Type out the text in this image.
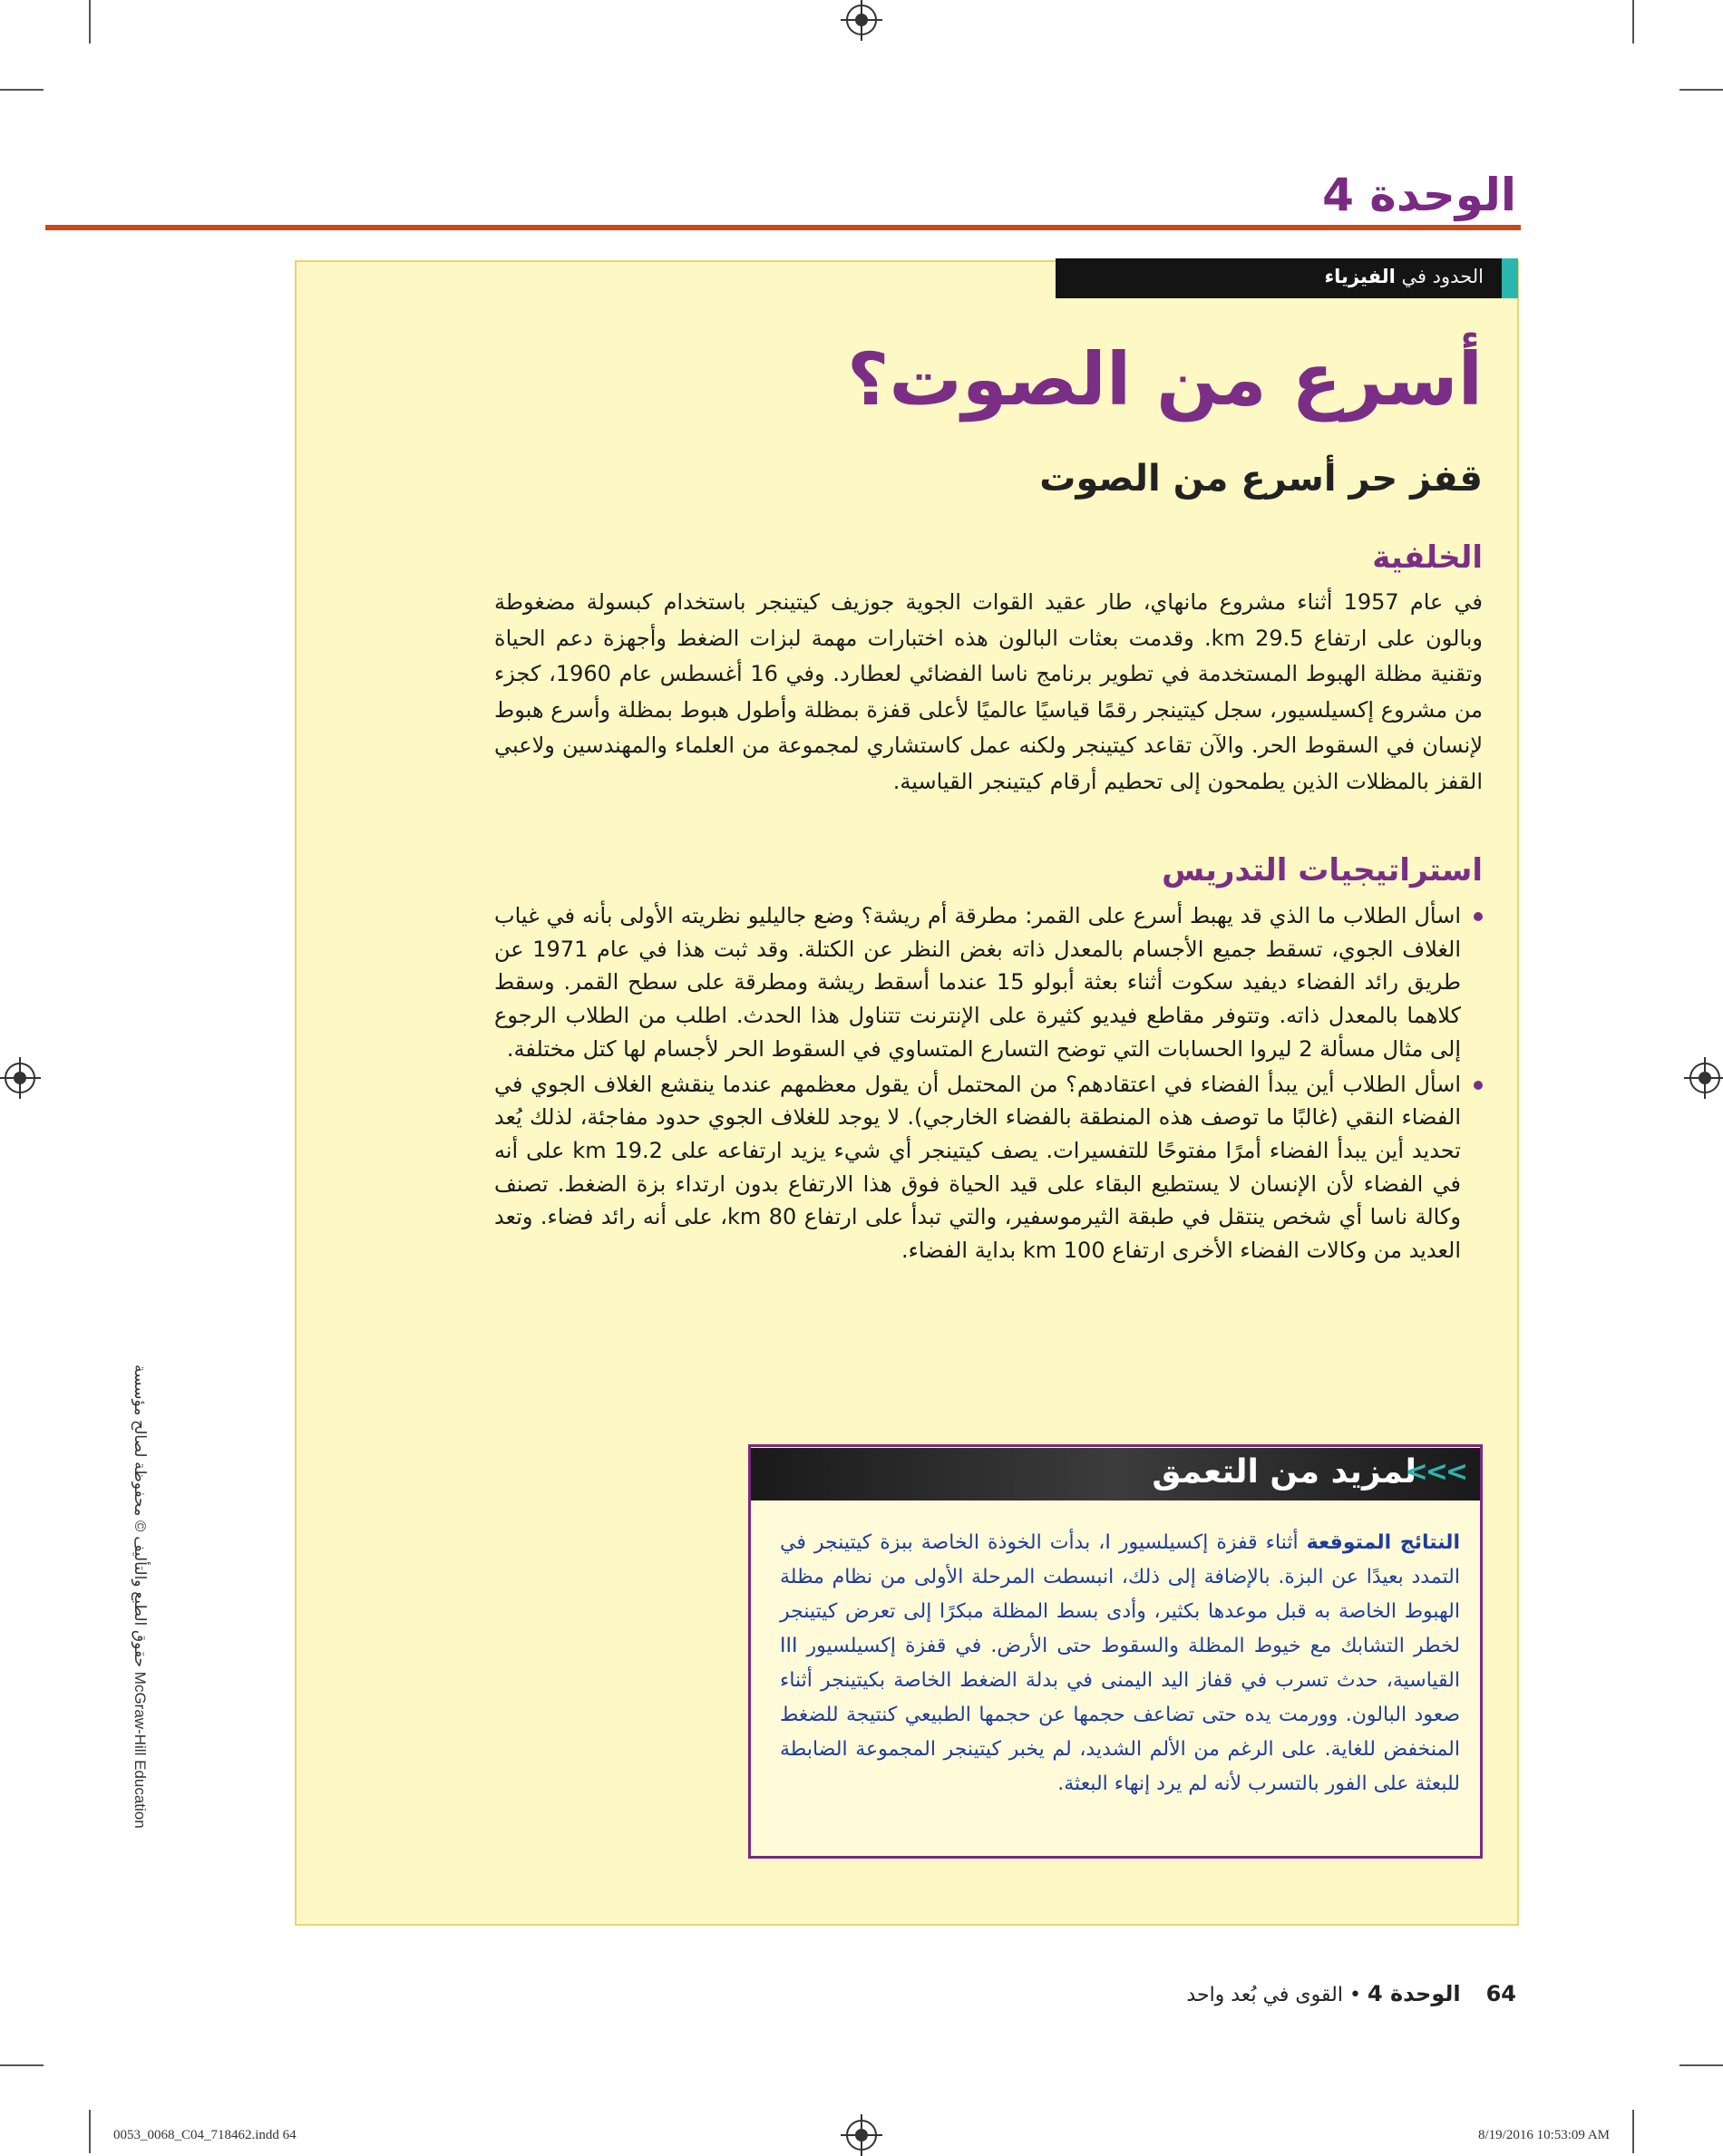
الوحدة 4
الحدود في الفيزياء
أسرع من الصوت؟
قفز حر أسرع من الصوت
الخلفية
في عام 1957 أثناء مشروع مانهاي، طار عقيد القوات الجوية جوزيف كيتينجر باستخدام كبسولة مضغوطة وبالون على ارتفاع 29.5 km. وقدمت بعثات البالون هذه اختبارات مهمة لبزات الضغط وأجهزة دعم الحياة وتقنية مظلة الهبوط المستخدمة في تطوير برنامج ناسا الفضائي لعطارد. وفي 16 أغسطس عام 1960، كجزء من مشروع إكسيلسيور، سجل كيتينجر رقمًا قياسيًا عالميًا لأعلى قفزة بمظلة وأطول هبوط بمظلة وأسرع هبوط لإنسان في السقوط الحر. والآن تقاعد كيتينجر ولكنه عمل كاستشاري لمجموعة من العلماء والمهندسين ولاعبي القفز بالمظلات الذين يطمحون إلى تحطيم أرقام كيتينجر القياسية.
استراتيجيات التدريس
اسأل الطلاب ما الذي قد يهبط أسرع على القمر: مطرقة أم ريشة؟ وضع جاليليو نظريته الأولى بأنه في غياب الغلاف الجوي، تسقط جميع الأجسام بالمعدل ذاته بغض النظر عن الكتلة. وقد ثبت هذا في عام 1971 عن طريق رائد الفضاء ديفيد سكوت أثناء بعثة أبولو 15 عندما أسقط ريشة ومطرقة على سطح القمر. وسقط كلاهما بالمعدل ذاته. وتتوفر مقاطع فيديو كثيرة على الإنترنت تتناول هذا الحدث. اطلب من الطلاب الرجوع إلى مثال مسألة 2 ليروا الحسابات التي توضح التسارع المتساوي في السقوط الحر لأجسام لها كتل مختلفة.
اسأل الطلاب أين يبدأ الفضاء في اعتقادهم؟ من المحتمل أن يقول معظمهم عندما ينقشع الغلاف الجوي في الفضاء النقي (غالبًا ما توصف هذه المنطقة بالفضاء الخارجي). لا يوجد للغلاف الجوي حدود مفاجئة، لذلك يُعد تحديد أين يبدأ الفضاء أمرًا مفتوحًا للتفسيرات. يصف كيتينجر أي شيء يزيد ارتفاعه على 19.2 km على أنه في الفضاء لأن الإنسان لا يستطيع البقاء على قيد الحياة فوق هذا الارتفاع بدون ارتداء بزة الضغط. تصنف وكالة ناسا أي شخص ينتقل في طبقة الثيرموسفير، والتي تبدأ على ارتفاع 80 km، على أنه رائد فضاء. وتعد العديد من وكالات الفضاء الأخرى ارتفاع 100 km بداية الفضاء.
لمزيد من التعمق
<<<
النتائج المتوقعة أثناء قفزة إكسيلسيور I، بدأت الخوذة الخاصة ببزة كيتينجر في التمدد بعيدًا عن البزة. بالإضافة إلى ذلك، انبسطت المرحلة الأولى من نظام مظلة الهبوط الخاصة به قبل موعدها بكثير، وأدى بسط المظلة مبكرًا إلى تعرض كيتينجر لخطر التشابك مع خيوط المظلة والسقوط حتى الأرض. في قفزة إكسيلسيور III القياسية، حدث تسرب في قفاز اليد اليمنى في بدلة الضغط الخاصة بكيتينجر أثناء صعود البالون. وورمت يده حتى تضاعف حجمها عن حجمها الطبيعي كنتيجة للضغط المنخفض للغاية. على الرغم من الألم الشديد، لم يخبر كيتينجر المجموعة الضابطة للبعثة على الفور بالتسرب لأنه لم يرد إنهاء البعثة.
حقوق الطبع والتأليف © محفوظة لصالح مؤسسة McGraw-Hill Education
64    الوحدة 4 • القوى في بُعد واحد
0053_0068_C04_718462.indd 64	8/19/2016 10:53:09 AM
